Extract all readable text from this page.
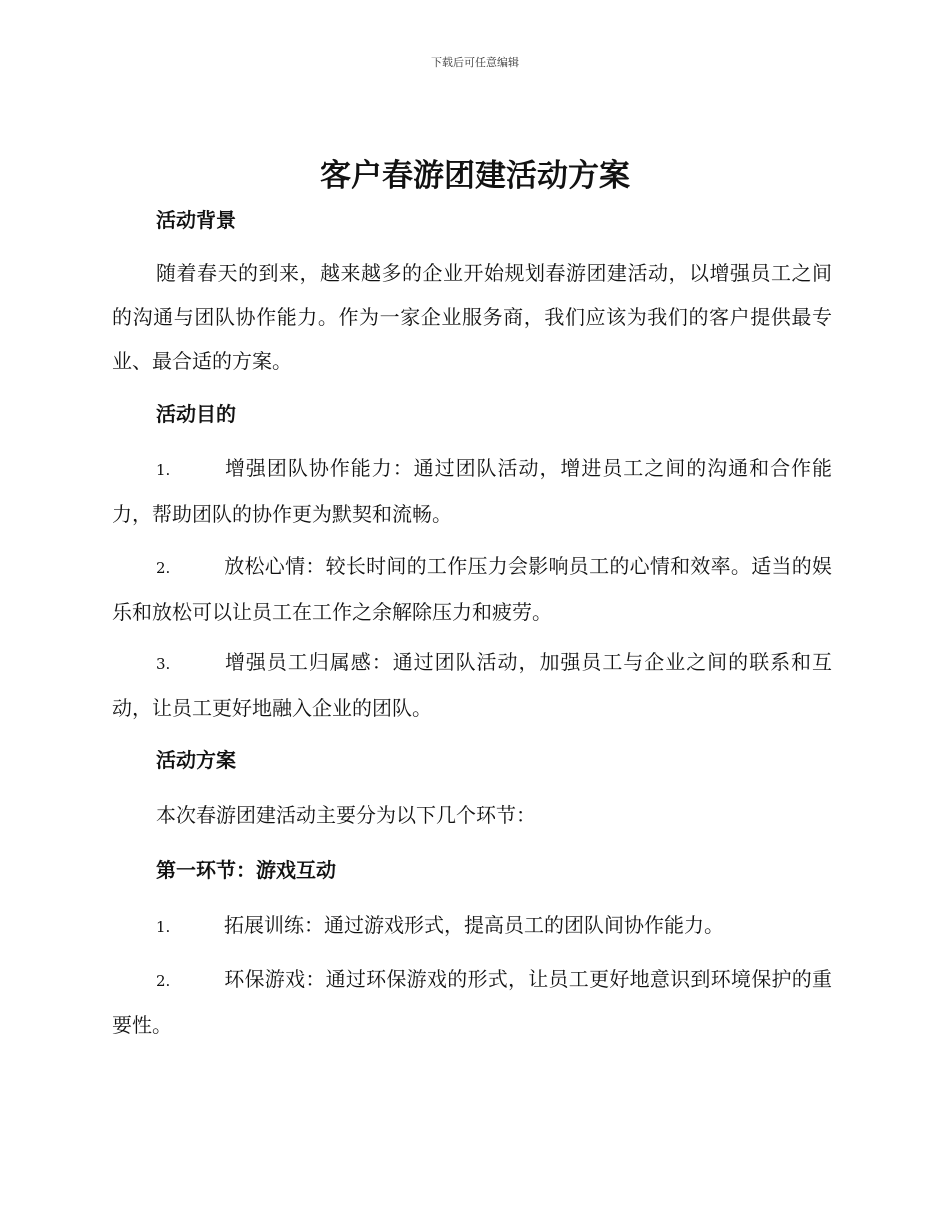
下载后可任意编辑
客户春游团建活动方案

活动背景

随着春天的到来，越来越多的企业开始规划春游团建活动，以增强员工之间的沟通与团队协作能力。作为一家企业服务商，我们应该为我们的客户提供最专业、最合适的方案。

活动目的

1.	增强团队协作能力：通过团队活动，增进员工之间的沟通和合作能力，帮助团队的协作更为默契和流畅。

2.	放松心情：较长时间的工作压力会影响员工的心情和效率。适当的娱乐和放松可以让员工在工作之余解除压力和疲劳。

3.	增强员工归属感：通过团队活动，加强员工与企业之间的联系和互动，让员工更好地融入企业的团队。

活动方案

本次春游团建活动主要分为以下几个环节：

第一环节：游戏互动

1.	拓展训练：通过游戏形式，提高员工的团队间协作能力。

2.	环保游戏：通过环保游戏的形式，让员工更好地意识到环境保护的重要性。
